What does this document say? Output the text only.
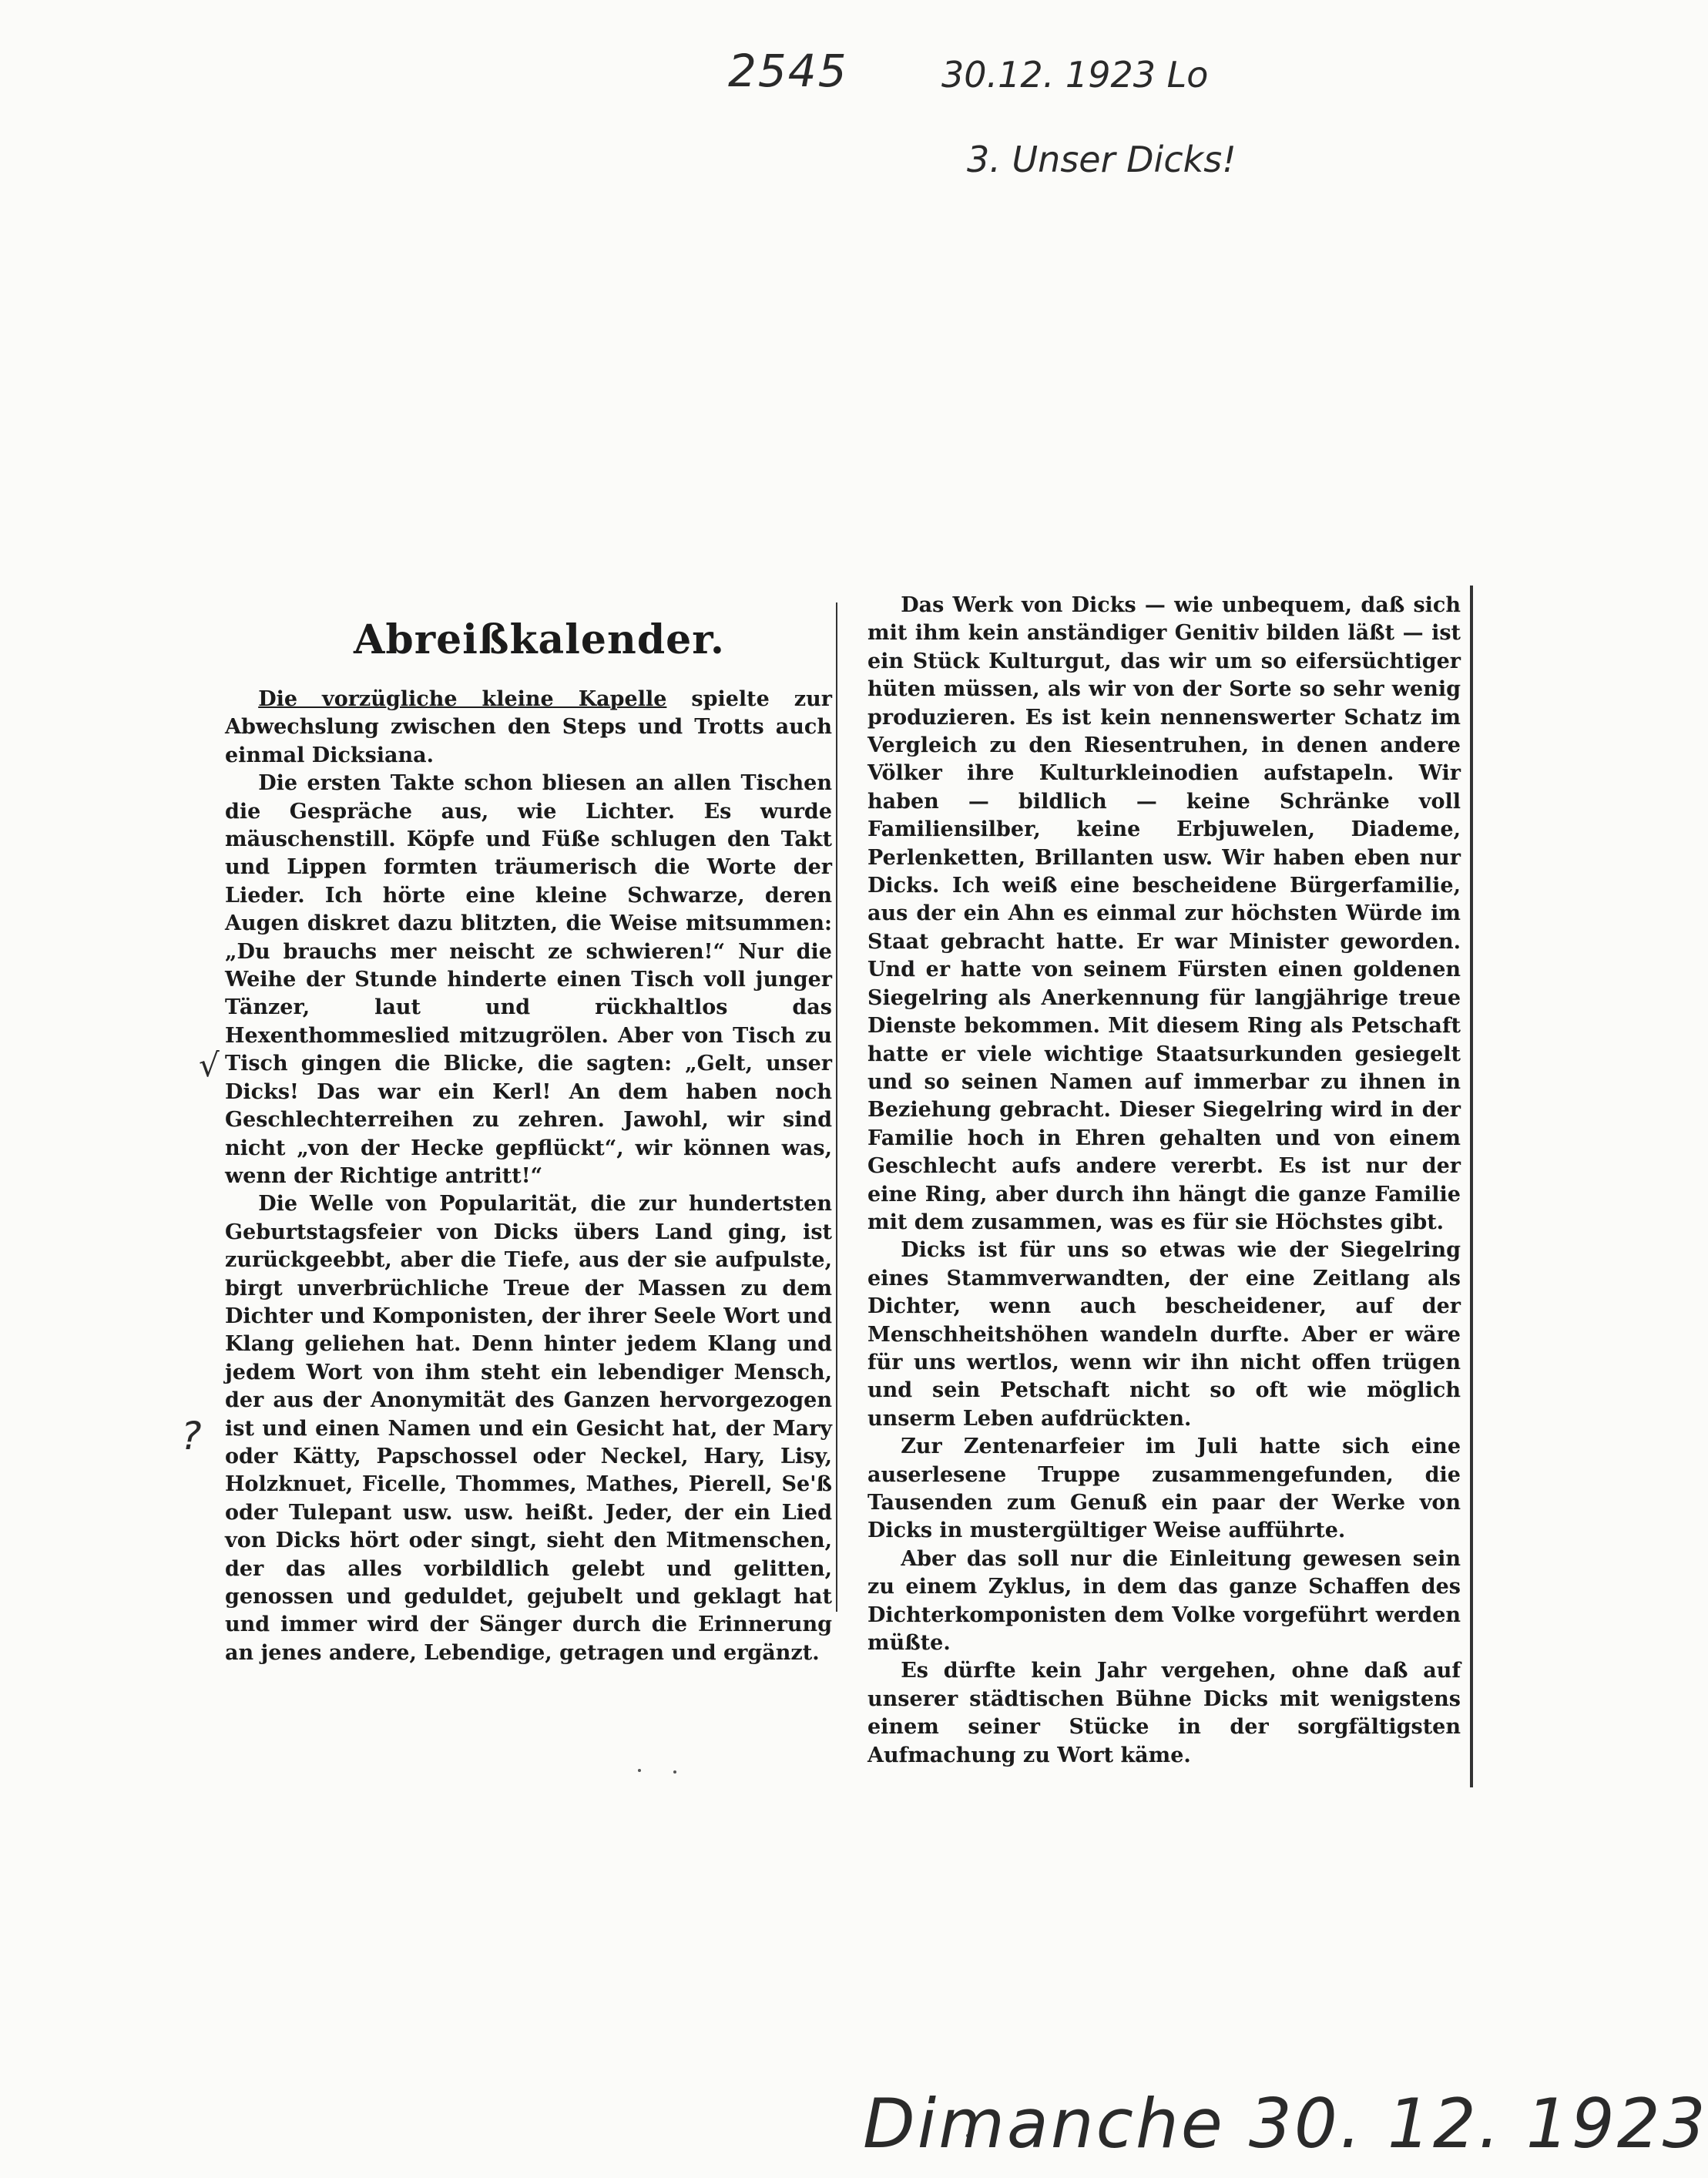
2545	30.12. 1923 Lo
3. Unser Dicks!
?
√
Abreißkalender.

Die vorzügliche kleine Kapelle spielte zur Abwechslung zwischen den Steps und Trotts auch einmal Dicksiana.

Die ersten Takte schon bliesen an allen Tischen die Gespräche aus, wie Lichter. Es wurde mäuschenstill. Köpfe und Füße schlugen den Takt und Lippen formten träumerisch die Worte der Lieder. Ich hörte eine kleine Schwarze, deren Augen diskret dazu blitzten, die Weise mitsummen: „Du brauchs mer neischt ze schwieren!“ Nur die Weihe der Stunde hinderte einen Tisch voll junger Tänzer, laut und rückhaltlos das Hexenthommeslied mitzugrölen. Aber von Tisch zu Tisch gingen die Blicke, die sagten: „Gelt, unser Dicks! Das war ein Kerl! An dem haben noch Geschlechterreihen zu zehren. Jawohl, wir sind nicht „von der Hecke gepflückt“, wir können was, wenn der Richtige antritt!“

Die Welle von Popularität, die zur hundertsten Geburtstagsfeier von Dicks übers Land ging, ist zurückgeebbt, aber die Tiefe, aus der sie aufpulste, birgt unverbrüchliche Treue der Massen zu dem Dichter und Komponisten, der ihrer Seele Wort und Klang geliehen hat. Denn hinter jedem Klang und jedem Wort von ihm steht ein lebendiger Mensch, der aus der Anonymität des Ganzen hervorgezogen ist und einen Namen und ein Gesicht hat, der Mary oder Kätty, Papschossel oder Neckel, Hary, Lisy, Holzknuet, Ficelle, Thommes, Mathes, Pierell, Se'ß oder Tulepant usw. usw. heißt. Jeder, der ein Lied von Dicks hört oder singt, sieht den Mitmenschen, der das alles vorbildlich gelebt und gelitten, genossen und geduldet, gejubelt und geklagt hat und immer wird der Sänger durch die Erinnerung an jenes andere, Lebendige, getragen und ergänzt.

Das Werk von Dicks — wie unbequem, daß sich mit ihm kein anständiger Genitiv bilden läßt — ist ein Stück Kulturgut, das wir um so eifersüchtiger hüten müssen, als wir von der Sorte so sehr wenig produzieren. Es ist kein nennenswerter Schatz im Vergleich zu den Riesentruhen, in denen andere Völker ihre Kulturkleinodien aufstapeln. Wir haben — bildlich — keine Schränke voll Familiensilber, keine Erbjuwelen, Diademe, Perlenketten, Brillanten usw. Wir haben eben nur Dicks. Ich weiß eine bescheidene Bürgerfamilie, aus der ein Ahn es einmal zur höchsten Würde im Staat gebracht hatte. Er war Minister geworden. Und er hatte von seinem Fürsten einen goldenen Siegelring als Anerkennung für langjährige treue Dienste bekommen. Mit diesem Ring als Petschaft hatte er viele wichtige Staatsurkunden gesiegelt und so seinen Namen auf immerbar zu ihnen in Beziehung gebracht. Dieser Siegelring wird in der Familie hoch in Ehren gehalten und von einem Geschlecht aufs andere vererbt. Es ist nur der eine Ring, aber durch ihn hängt die ganze Familie mit dem zusammen, was es für sie Höchstes gibt.

Dicks ist für uns so etwas wie der Siegelring eines Stammverwandten, der eine Zeitlang als Dichter, wenn auch bescheidener, auf der Menschheitshöhen wandeln durfte. Aber er wäre für uns wertlos, wenn wir ihn nicht offen trügen und sein Petschaft nicht so oft wie möglich unserm Leben aufdrückten.

Zur Zentenarfeier im Juli hatte sich eine auserlesene Truppe zusammengefunden, die Tausenden zum Genuß ein paar der Werke von Dicks in mustergültiger Weise aufführte.

Aber das soll nur die Einleitung gewesen sein zu einem Zyklus, in dem das ganze Schaffen des Dichterkomponisten dem Volke vorgeführt werden müßte.

Es dürfte kein Jahr vergehen, ohne daß auf unserer städtischen Bühne Dicks mit wenigstens einem seiner Stücke in der sorgfältigsten Aufmachung zu Wort käme.

Dimanche 30. 12. 1923
